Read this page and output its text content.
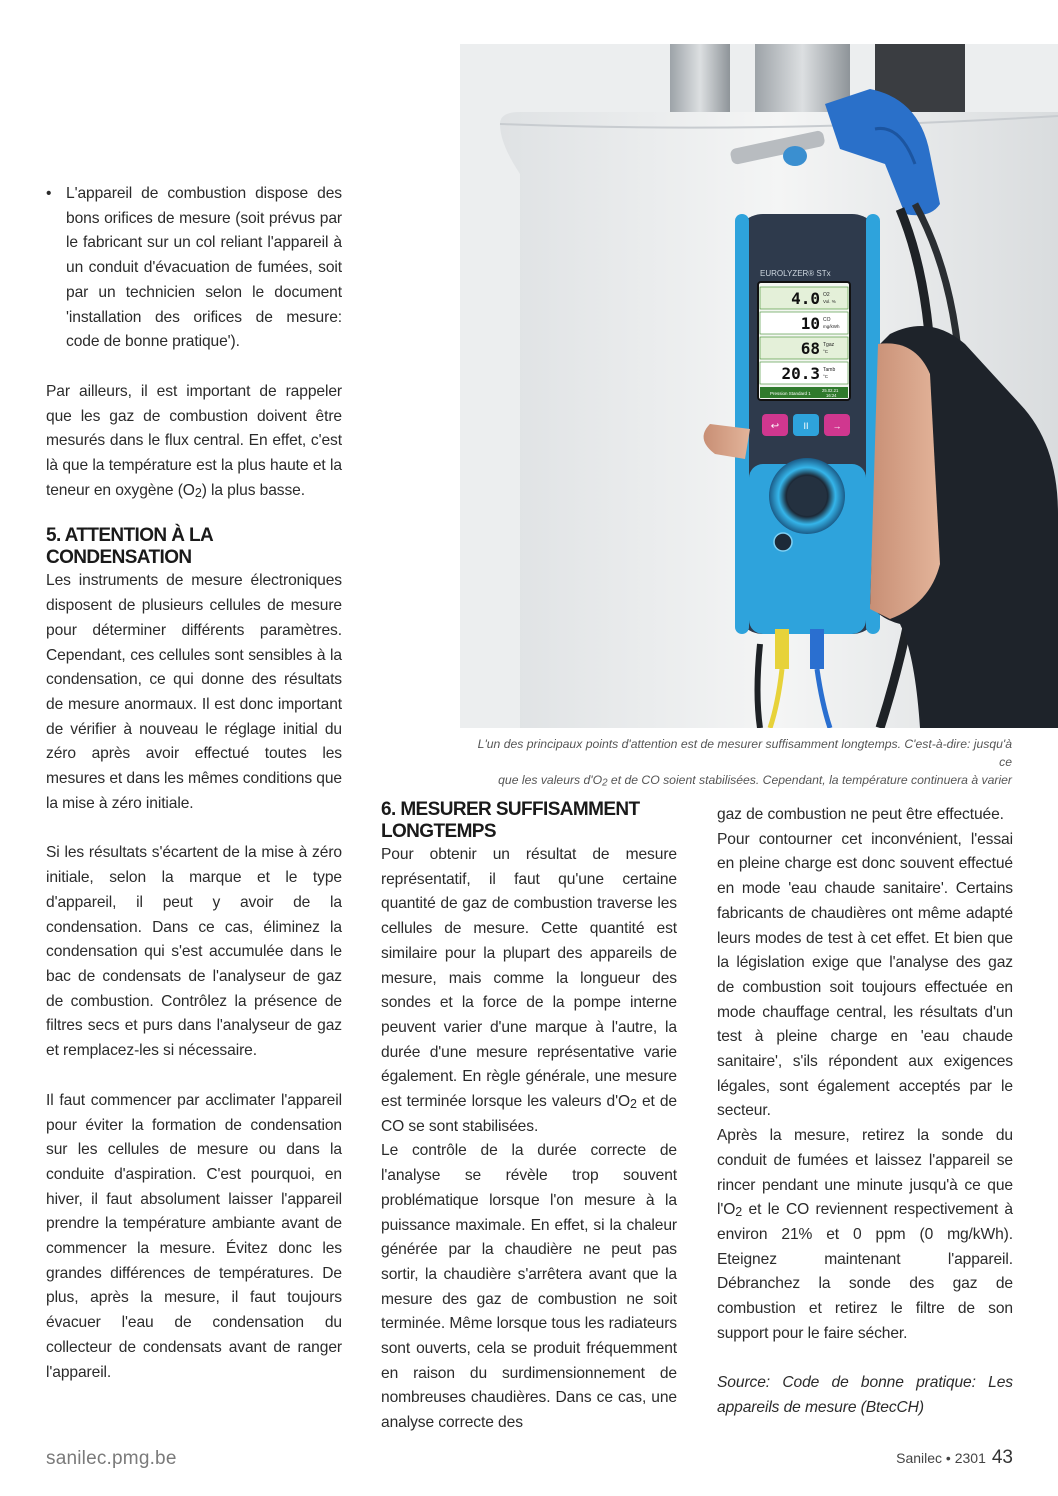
• L'appareil de combustion dispose des bons orifices de mesure (soit prévus par le fabricant sur un col reliant l'appareil à un conduit d'évacuation de fumées, soit par un technicien selon le document 'installation des orifices de mesure: code de bonne pratique').

Par ailleurs, il est important de rappeler que les gaz de combustion doivent être mesurés dans le flux central. En effet, c'est là que la température est la plus haute et la teneur en oxygène $(O_2)$ la plus basse.

5. ATTENTION À LA CONDENSATION

Les instruments de mesure électroniques disposent de plusieurs cellules de mesure pour déterminer différents paramètres. Cependant, ces cellules sont sensibles à la condensation, ce qui donne des résultats de mesure anormaux. Il est donc important de vérifier à nouveau le réglage initial du zéro après avoir effectué toutes les mesures et dans les mêmes conditions que la mise à zéro initiale.

Si les résultats s'écartent de la mise à zéro initiale, selon la marque et le type d'appareil, il peut y avoir de la condensation. Dans ce cas, éliminez la condensation qui s'est accumulée dans le bac de condensats de l'analyseur de gaz de combustion. Contrôlez la présence de filtres secs et purs dans l'analyseur de gaz et remplacez-les si nécessaire.

Il faut commencer par acclimater l'appareil pour éviter la formation de condensation sur les cellules de mesure ou dans la conduite d'aspiration. C'est pourquoi, en hiver, il faut absolument laisser l'appareil prendre la température ambiante avant de commencer la mesure. Évitez donc les grandes différences de températures. De plus, après la mesure, il faut toujours évacuer l'eau de condensation du collecteur de condensats avant de ranger l'appareil.

EUROLYZER® STx
4.0
10
68
20.3
O2
Vol. %
CO
mg/kWh
Tgaz
°C
Tamb
°C
Pression Standard 1
25.02.21
16:24
↩	II	→
L'un des principaux points d'attention est de mesurer suffisamment longtemps. C'est-à-dire: jusqu'à ce
que les valeurs $d'O_2$ et de CO soient stabilisées. Cependant, la température continuera à varier
6. MESURER SUFFISAMMENT LONGTEMPS

Pour obtenir un résultat de mesure représentatif, il faut qu'une certaine quantité de gaz de combustion traverse les cellules de mesure. Cette quantité est similaire pour la plupart des appareils de mesure, mais comme la longueur des sondes et la force de la pompe interne peuvent varier d'une marque à l'autre, la durée d'une mesure représentative varie également. En règle générale, une mesure est terminée lorsque les valeurs $d'O_2$ et de CO se sont stabilisées.

Le contrôle de la durée correcte de l'analyse se révèle trop souvent problématique lorsque l'on mesure à la puissance maximale. En effet, si la chaleur générée par la chaudière ne peut pas sortir, la chaudière s'arrêtera avant que la mesure des gaz de combustion ne soit terminée. Même lorsque tous les radiateurs sont ouverts, cela se produit fréquemment en raison du surdimensionnement de nombreuses chaudières. Dans ce cas, une analyse correcte des

gaz de combustion ne peut être effectuée.

Pour contourner cet inconvénient, l'essai en pleine charge est donc souvent effectué en mode 'eau chaude sanitaire'. Certains fabricants de chaudières ont même adapté leurs modes de test à cet effet. Et bien que la législation exige que l'analyse des gaz de combustion soit toujours effectuée en mode chauffage central, les résultats d'un test à pleine charge en 'eau chaude sanitaire', s'ils répondent aux exigences légales, sont également acceptés par le secteur.

Après la mesure, retirez la sonde du conduit de fumées et laissez l'appareil se rincer pendant une minute jusqu'à ce que $l'O_2$ et le CO reviennent respectivement à environ 21% et 0 ppm (0 mg/kWh). Eteignez maintenant l'appareil. Débranchez la sonde des gaz de combustion et retirez le filtre de son support pour le faire sécher.

Source: Code de bonne pratique: Les appareils de mesure (BtecCH)

sanilec.pmg.be	Sanilec • 2301 43
